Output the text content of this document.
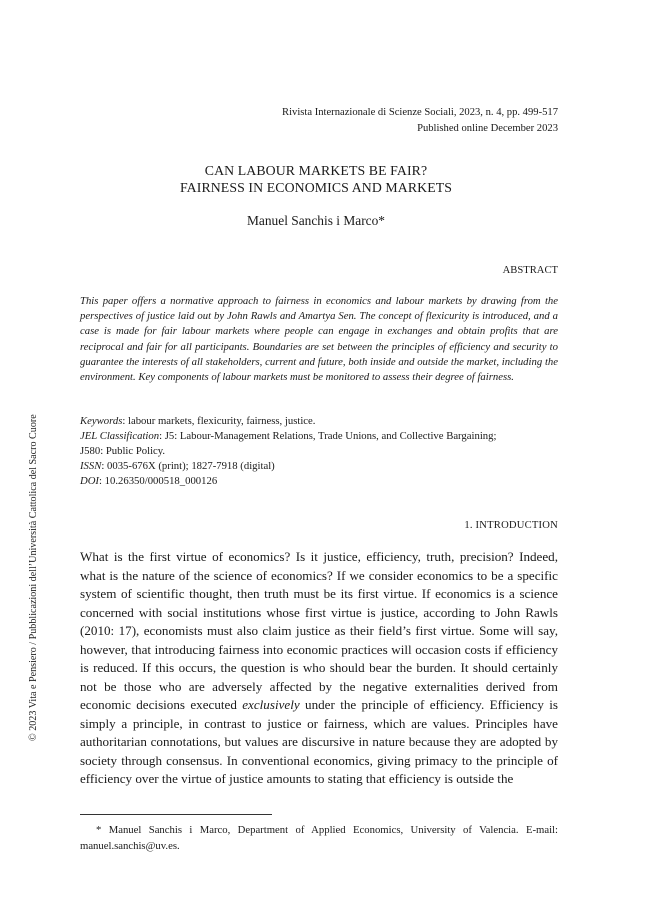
Rivista Internazionale di Scienze Sociali, 2023, n. 4, pp. 499-517
Published online December 2023
CAN LABOUR MARKETS BE FAIR?
FAIRNESS IN ECONOMICS AND MARKETS
Manuel Sanchis i Marco*
ABSTRACT
This paper offers a normative approach to fairness in economics and labour markets by drawing from the perspectives of justice laid out by John Rawls and Amartya Sen. The concept of flexicurity is introduced, and a case is made for fair labour markets where people can engage in exchanges and obtain profits that are reciprocal and fair for all participants. Boundaries are set between the principles of efficiency and security to guarantee the interests of all stakeholders, current and future, both inside and outside the market, including the environment. Key components of labour markets must be monitored to assess their degree of fairness.
Keywords: labour markets, flexicurity, fairness, justice.
JEL Classification: J5: Labour-Management Relations, Trade Unions, and Collective Bargaining;
J580: Public Policy.
ISSN: 0035-676X (print); 1827-7918 (digital)
DOI: 10.26350/000518_000126
1. INTRODUCTION
What is the first virtue of economics? Is it justice, efficiency, truth, precision? Indeed, what is the nature of the science of economics? If we consider economics to be a specific system of scientific thought, then truth must be its first virtue. If economics is a science concerned with social institutions whose first virtue is justice, according to John Rawls (2010: 17), economists must also claim justice as their field’s first virtue. Some will say, however, that introducing fairness into economic practices will occasion costs if efficiency is reduced. If this occurs, the question is who should bear the burden. It should certainly not be those who are adversely affected by the negative externalities derived from economic decisions executed exclusively under the principle of efficiency. Efficiency is simply a principle, in contrast to justice or fairness, which are values. Principles have authoritarian connotations, but values are discursive in nature because they are adopted by society through consensus. In conventional economics, giving primacy to the principle of efficiency over the virtue of justice amounts to stating that efficiency is outside the
* Manuel Sanchis i Marco, Department of Applied Economics, University of Valencia. E-mail: manuel.sanchis@uv.es.
© 2023 Vita e Pensiero / Pubblicazioni dell’Università Cattolica del Sacro Cuore
